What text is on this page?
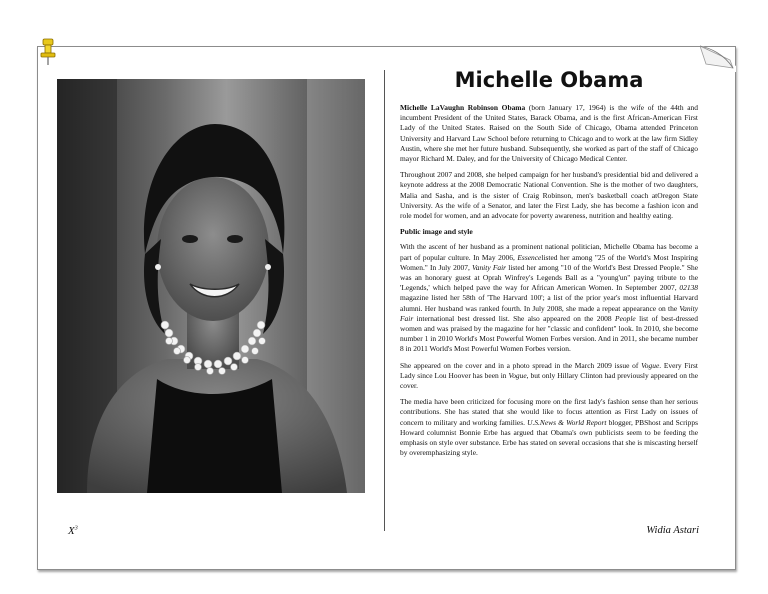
Michelle Obama

Michelle LaVaughn Robinson Obama (born January 17, 1964) is the wife of the 44th and incumbent President of the United States, Barack Obama, and is the first African-American First Lady of the United States. Raised on the South Side of Chicago, Obama attended Princeton University and Harvard Law School before returning to Chicago and to work at the law firm Sidley Austin, where she met her future husband. Subsequently, she worked as part of the staff of Chicago mayor Richard M. Daley, and for the University of Chicago Medical Center.

Throughout 2007 and 2008, she helped campaign for her husband's presidential bid and delivered a keynote address at the 2008 Democratic National Convention. She is the mother of two daughters, Malia and Sasha, and is the sister of Craig Robinson, men's basketball coach atOregon State University. As the wife of a Senator, and later the First Lady, she has become a fashion icon and role model for women, and an advocate for poverty awareness, nutrition and healthy eating.

Public image and style

With the ascent of her husband as a prominent national politician, Michelle Obama has become a part of popular culture. In May 2006, Essencelisted her among "25 of the World's Most Inspiring Women." In July 2007, Vanity Fair listed her among "10 of the World's Best Dressed People." She was an honorary guest at Oprah Winfrey's Legends Ball as a "young'un" paying tribute to the 'Legends,' which helped pave the way for African American Women. In September 2007, 02138 magazine listed her 58th of 'The Harvard 100'; a list of the prior year's most influential Harvard alumni. Her husband was ranked fourth. In July 2008, she made a repeat appearance on the Vanity Fair international best dressed list. She also appeared on the 2008 People list of best-dressed women and was praised by the magazine for her "classic and confident" look. In 2010, she become number 1 in 2010 World's Most Powerful Women Forbes version. And in 2011, she became number 8 in 2011 World's Most Powerful Women Forbes version.

She appeared on the cover and in a photo spread in the March 2009 issue of Vogue. Every First Lady since Lou Hoover has been in Vogue, but only Hillary Clinton had previously appeared on the cover.

The media have been criticized for focusing more on the first lady's fashion sense than her serious contributions. She has stated that she would like to focus attention as First Lady on issues of concern to military and working families. U.S.News & World Report blogger, PBShost and Scripps Howard columnist Bonnie Erbe has argued that Obama's own publicists seem to be feeding the emphasis on style over substance. Erbe has stated on several occasions that she is miscasting herself by overemphasizing style.

$X^3$	Widia Astari
